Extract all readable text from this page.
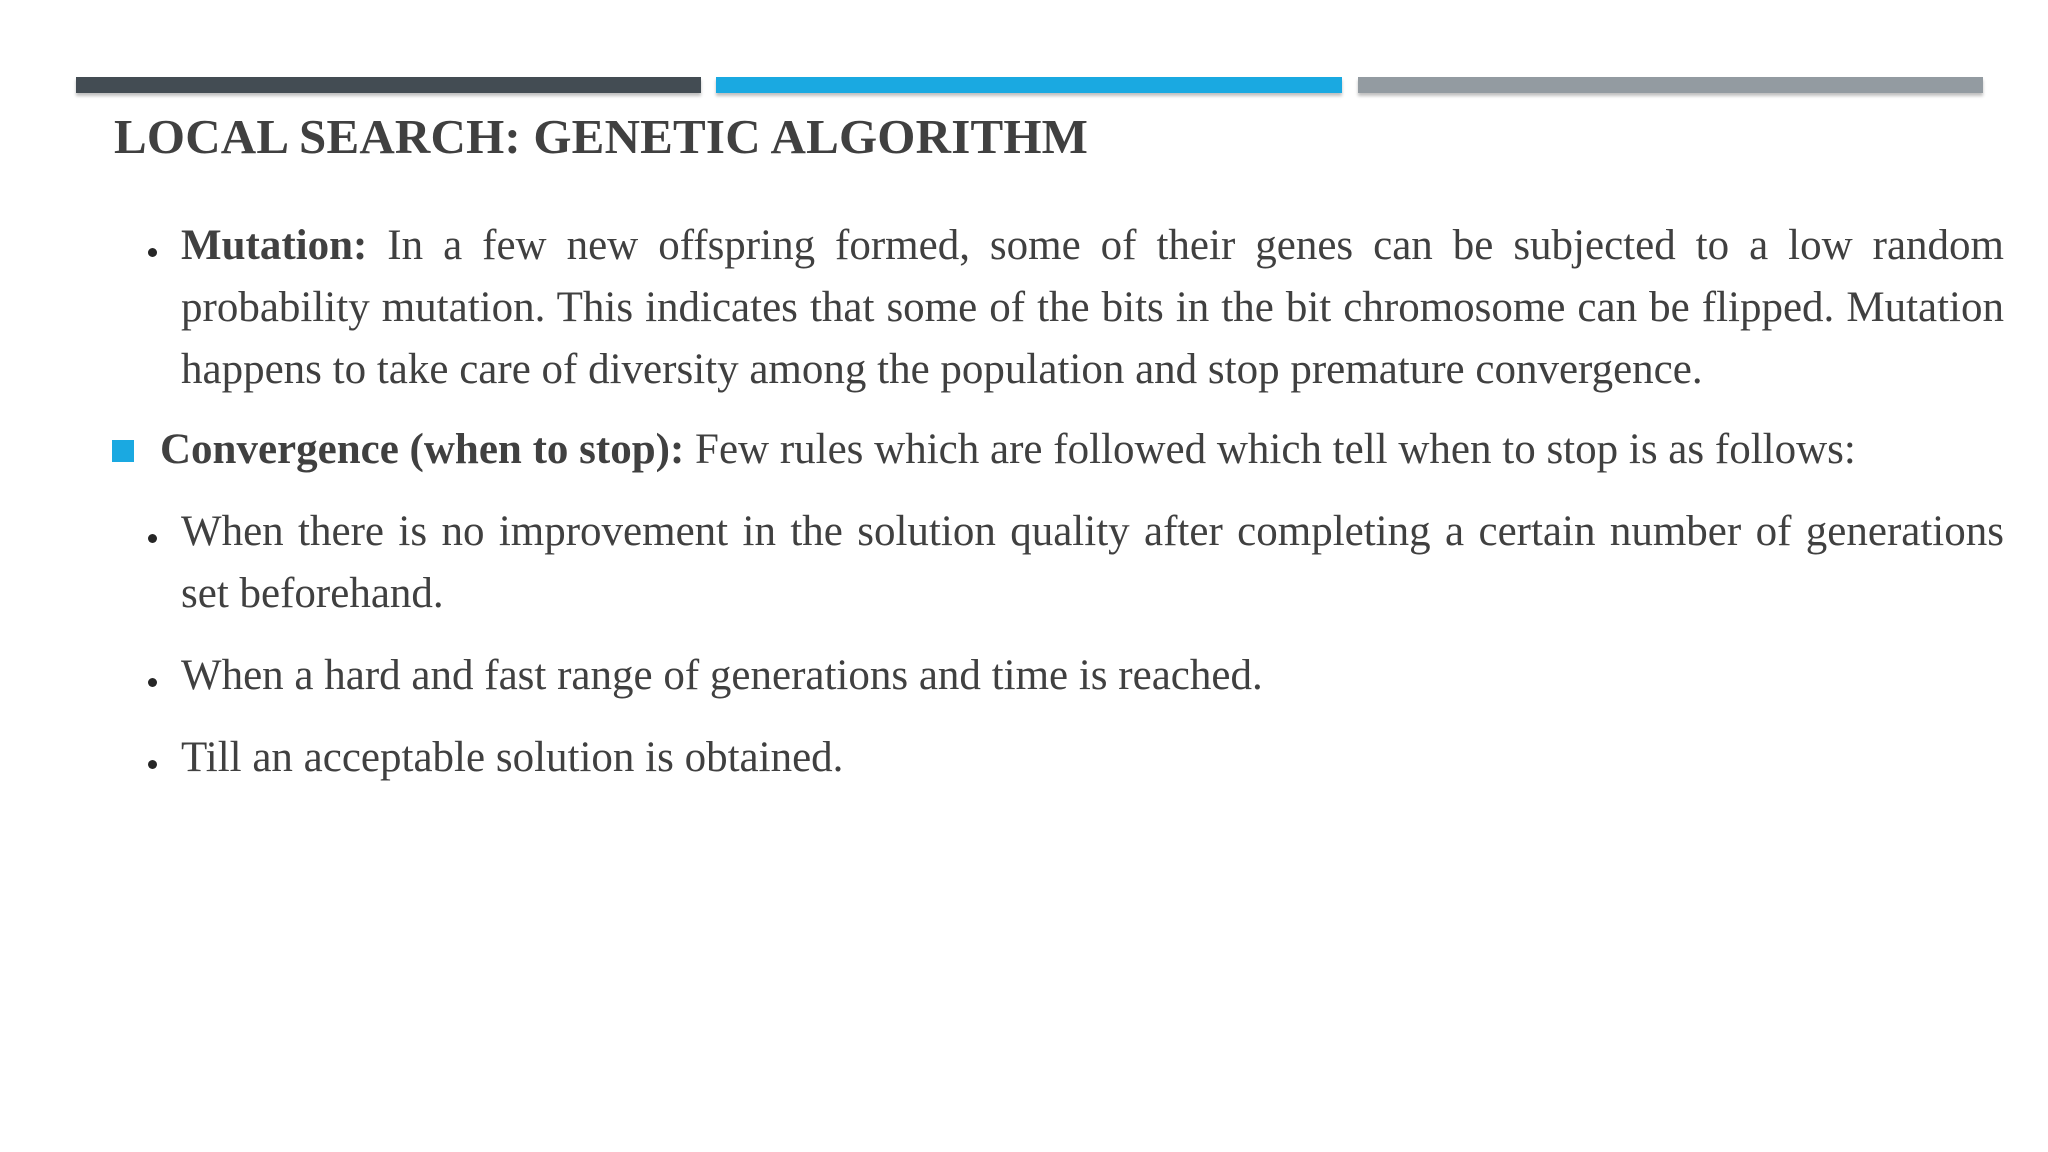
LOCAL SEARCH: GENETIC ALGORITHM

Mutation: In a few new offspring formed, some of their genes can be subjected to a low random probability mutation. This indicates that some of the bits in the bit chromosome can be flipped. Mutation happens to take care of diversity among the population and stop premature convergence.

Convergence (when to stop): Few rules which are followed which tell when to stop is as follows:

When there is no improvement in the solution quality after completing a certain number of generations set beforehand.

When a hard and fast range of generations and time is reached.

Till an acceptable solution is obtained.
